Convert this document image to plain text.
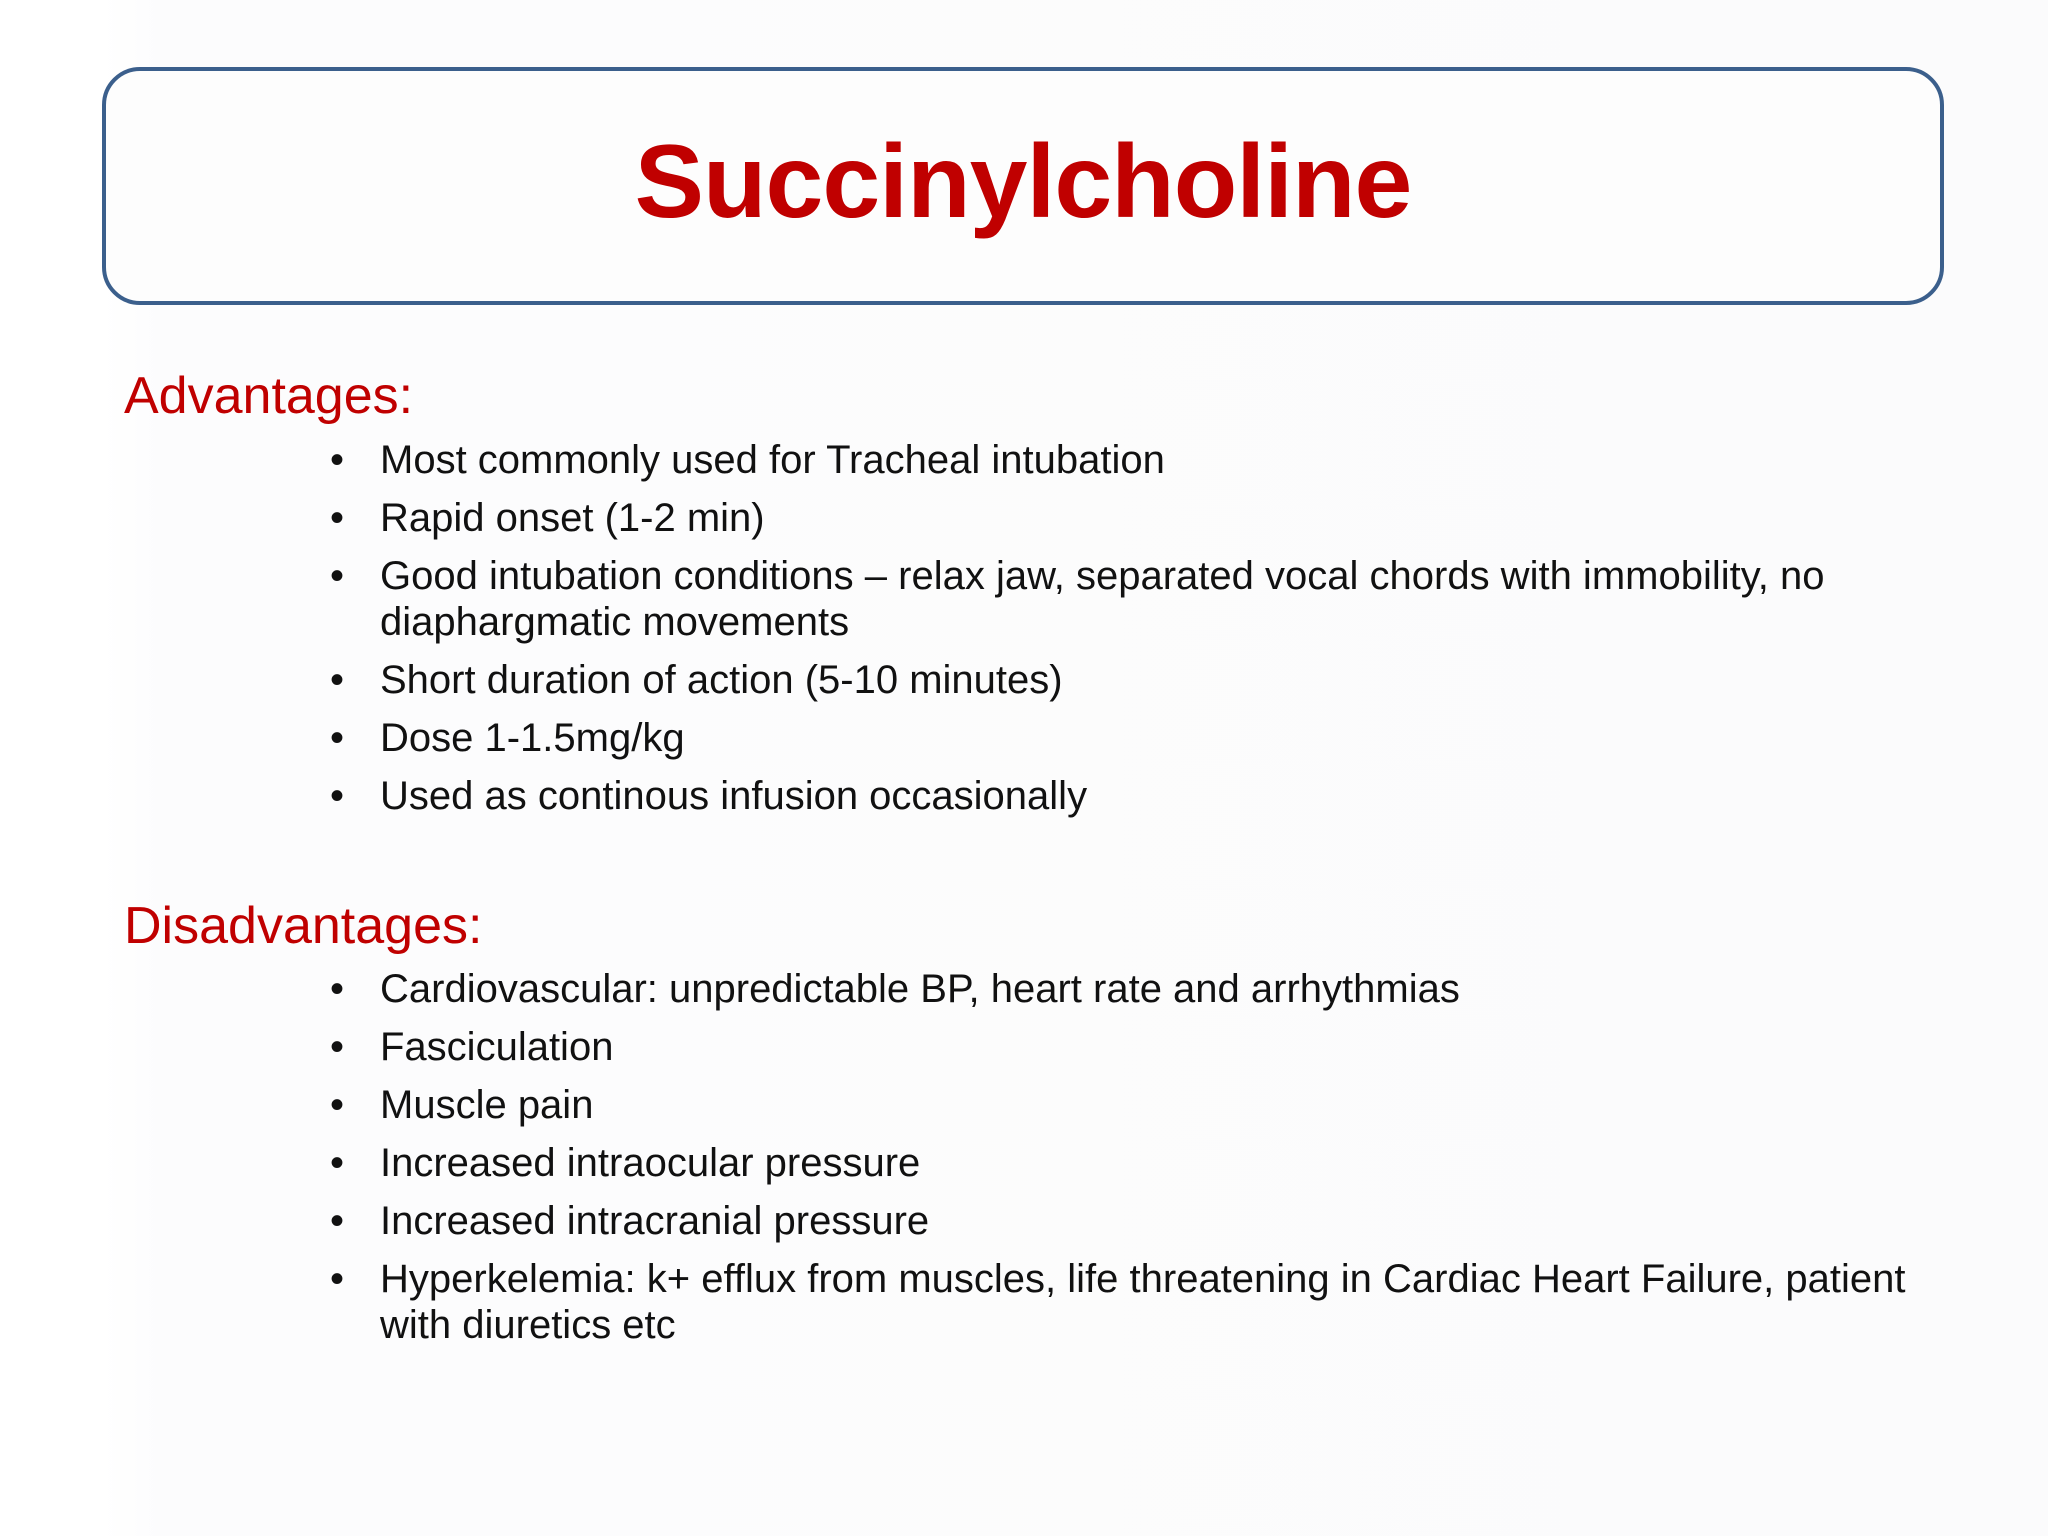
Succinylcholine
Advantages:
• Most commonly used for Tracheal intubation
• Rapid onset (1-2 min)
• Good intubation conditions – relax jaw, separated vocal chords with immobility, no diaphargmatic movements
• Short duration of action (5-10 minutes)
• Dose 1-1.5mg/kg
• Used as continous infusion occasionally
Disadvantages:
• Cardiovascular: unpredictable BP, heart rate and arrhythmias
• Fasciculation
• Muscle pain
• Increased intraocular pressure
• Increased intracranial pressure
• Hyperkelemia: k+ efflux from muscles, life threatening in Cardiac Heart Failure, patient with diuretics etc
